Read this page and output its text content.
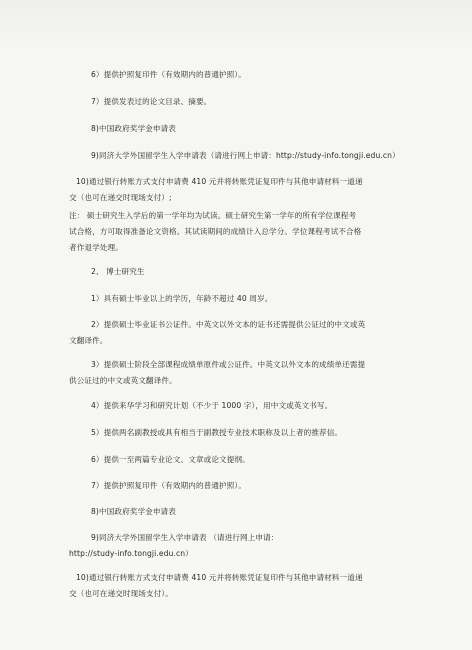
6）提供护照复印件（有效期内的普通护照）。
7）提供发表过的论文目录、摘要。
8)中国政府奖学金申请表
9)同济大学外国留学生入学申请表（请进行网上申请：http://study-info.tongji.edu.cn）
10)通过银行转账方式支付申请费 410 元并将转账凭证复印件与其他申请材料一道递
交（也可在递交时现场支付）;
注： 硕士研究生入学后的第一学年均为试读。硕士研究生第一学年的所有学位课程考
试合格，方可取得准备论文资格。其试读期间的成绩计入总学分。学位课程考试不合格
者作退学处理。
2、 博士研究生
1）具有硕士毕业以上的学历，年龄不超过 40 周岁。
2）提供硕士毕业证书公证件。中英文以外文本的证书还需提供公证过的中文或英
文翻译件。
3）提供硕士阶段全部课程成绩单原件或公证件。中英文以外文本的成绩单还需提
供公证过的中文或英文翻译件。
4）提供来华学习和研究计划（不少于 1000 字），用中文或英文书写。
5）提供两名副教授或具有相当于副教授专业技术职称及以上者的推荐信。
6）提供一至两篇专业论文、文章或论文提纲。
7）提供护照复印件（有效期内的普通护照）。
8)中国政府奖学金申请表
9)同济大学外国留学生入学申请表 （请进行网上申请：
http://study-info.tongji.edu.cn）
10)通过银行转账方式支付申请费 410 元并将转账凭证复印件与其他申请材料一道递
交（也可在递交时现场支付）。
